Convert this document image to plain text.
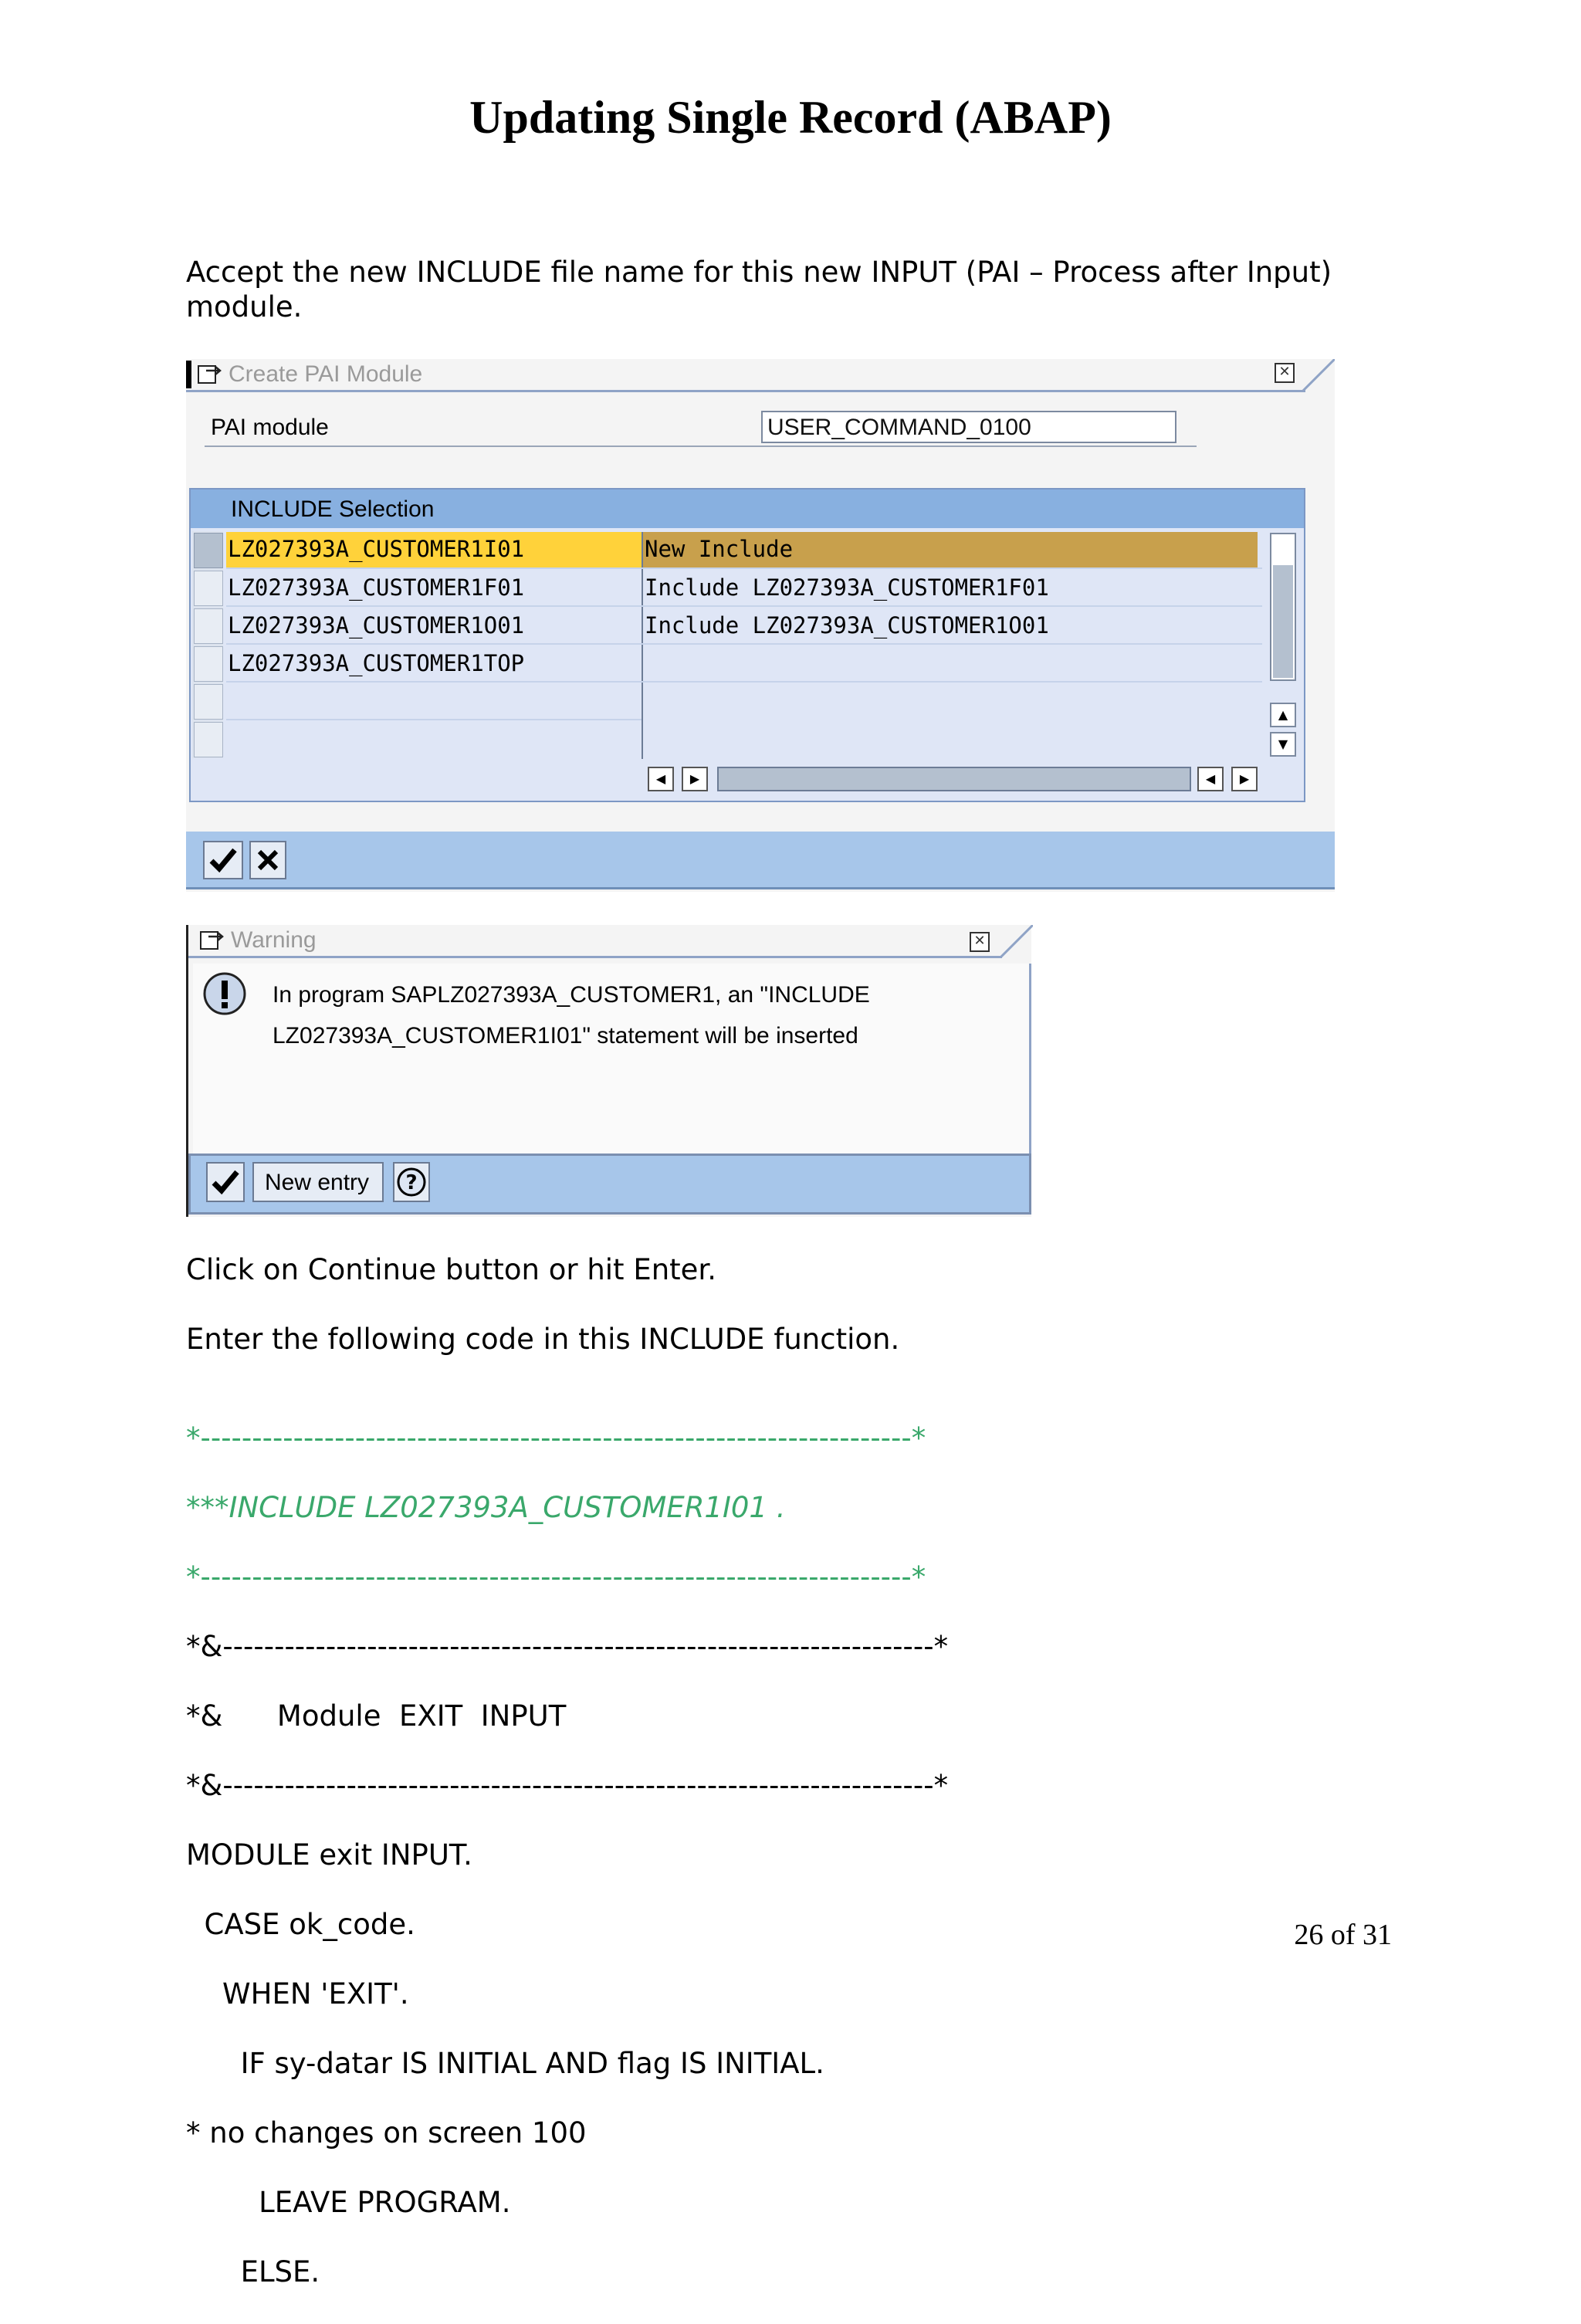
Updating Single Record (ABAP)
Accept the new INCLUDE file name for this new INPUT (PAI – Process after Input) module.
Create PAI Module	✕
PAI module	USER_COMMAND_0100
INCLUDE Selection
LZ027393A_CUSTOMER1I01	New Include
LZ027393A_CUSTOMER1F01	Include LZ027393A_CUSTOMER1F01
LZ027393A_CUSTOMER1O01	Include LZ027393A_CUSTOMER1O01
LZ027393A_CUSTOMER1TOP
▲
▼
◀	▶	◀	▶
Warning	✕
In program SAPLZ027393A_CUSTOMER1, an "INCLUDE
LZ027393A_CUSTOMER1I01" statement will be inserted
New entry ?
Click on Continue button or hit Enter.
Enter the following code in this INCLUDE function.

*---------------------------------------------------------------------*

***INCLUDE LZ027393A_CUSTOMER1I01 .

*---------------------------------------------------------------------*

*&---------------------------------------------------------------------*

*&      Module  EXIT  INPUT

*&---------------------------------------------------------------------*

MODULE exit INPUT.

CASE ok_code.

WHEN 'EXIT'.

IF sy-datar IS INITIAL AND flag IS INITIAL.

* no changes on screen 100

LEAVE PROGRAM.

ELSE.

26 of 31
